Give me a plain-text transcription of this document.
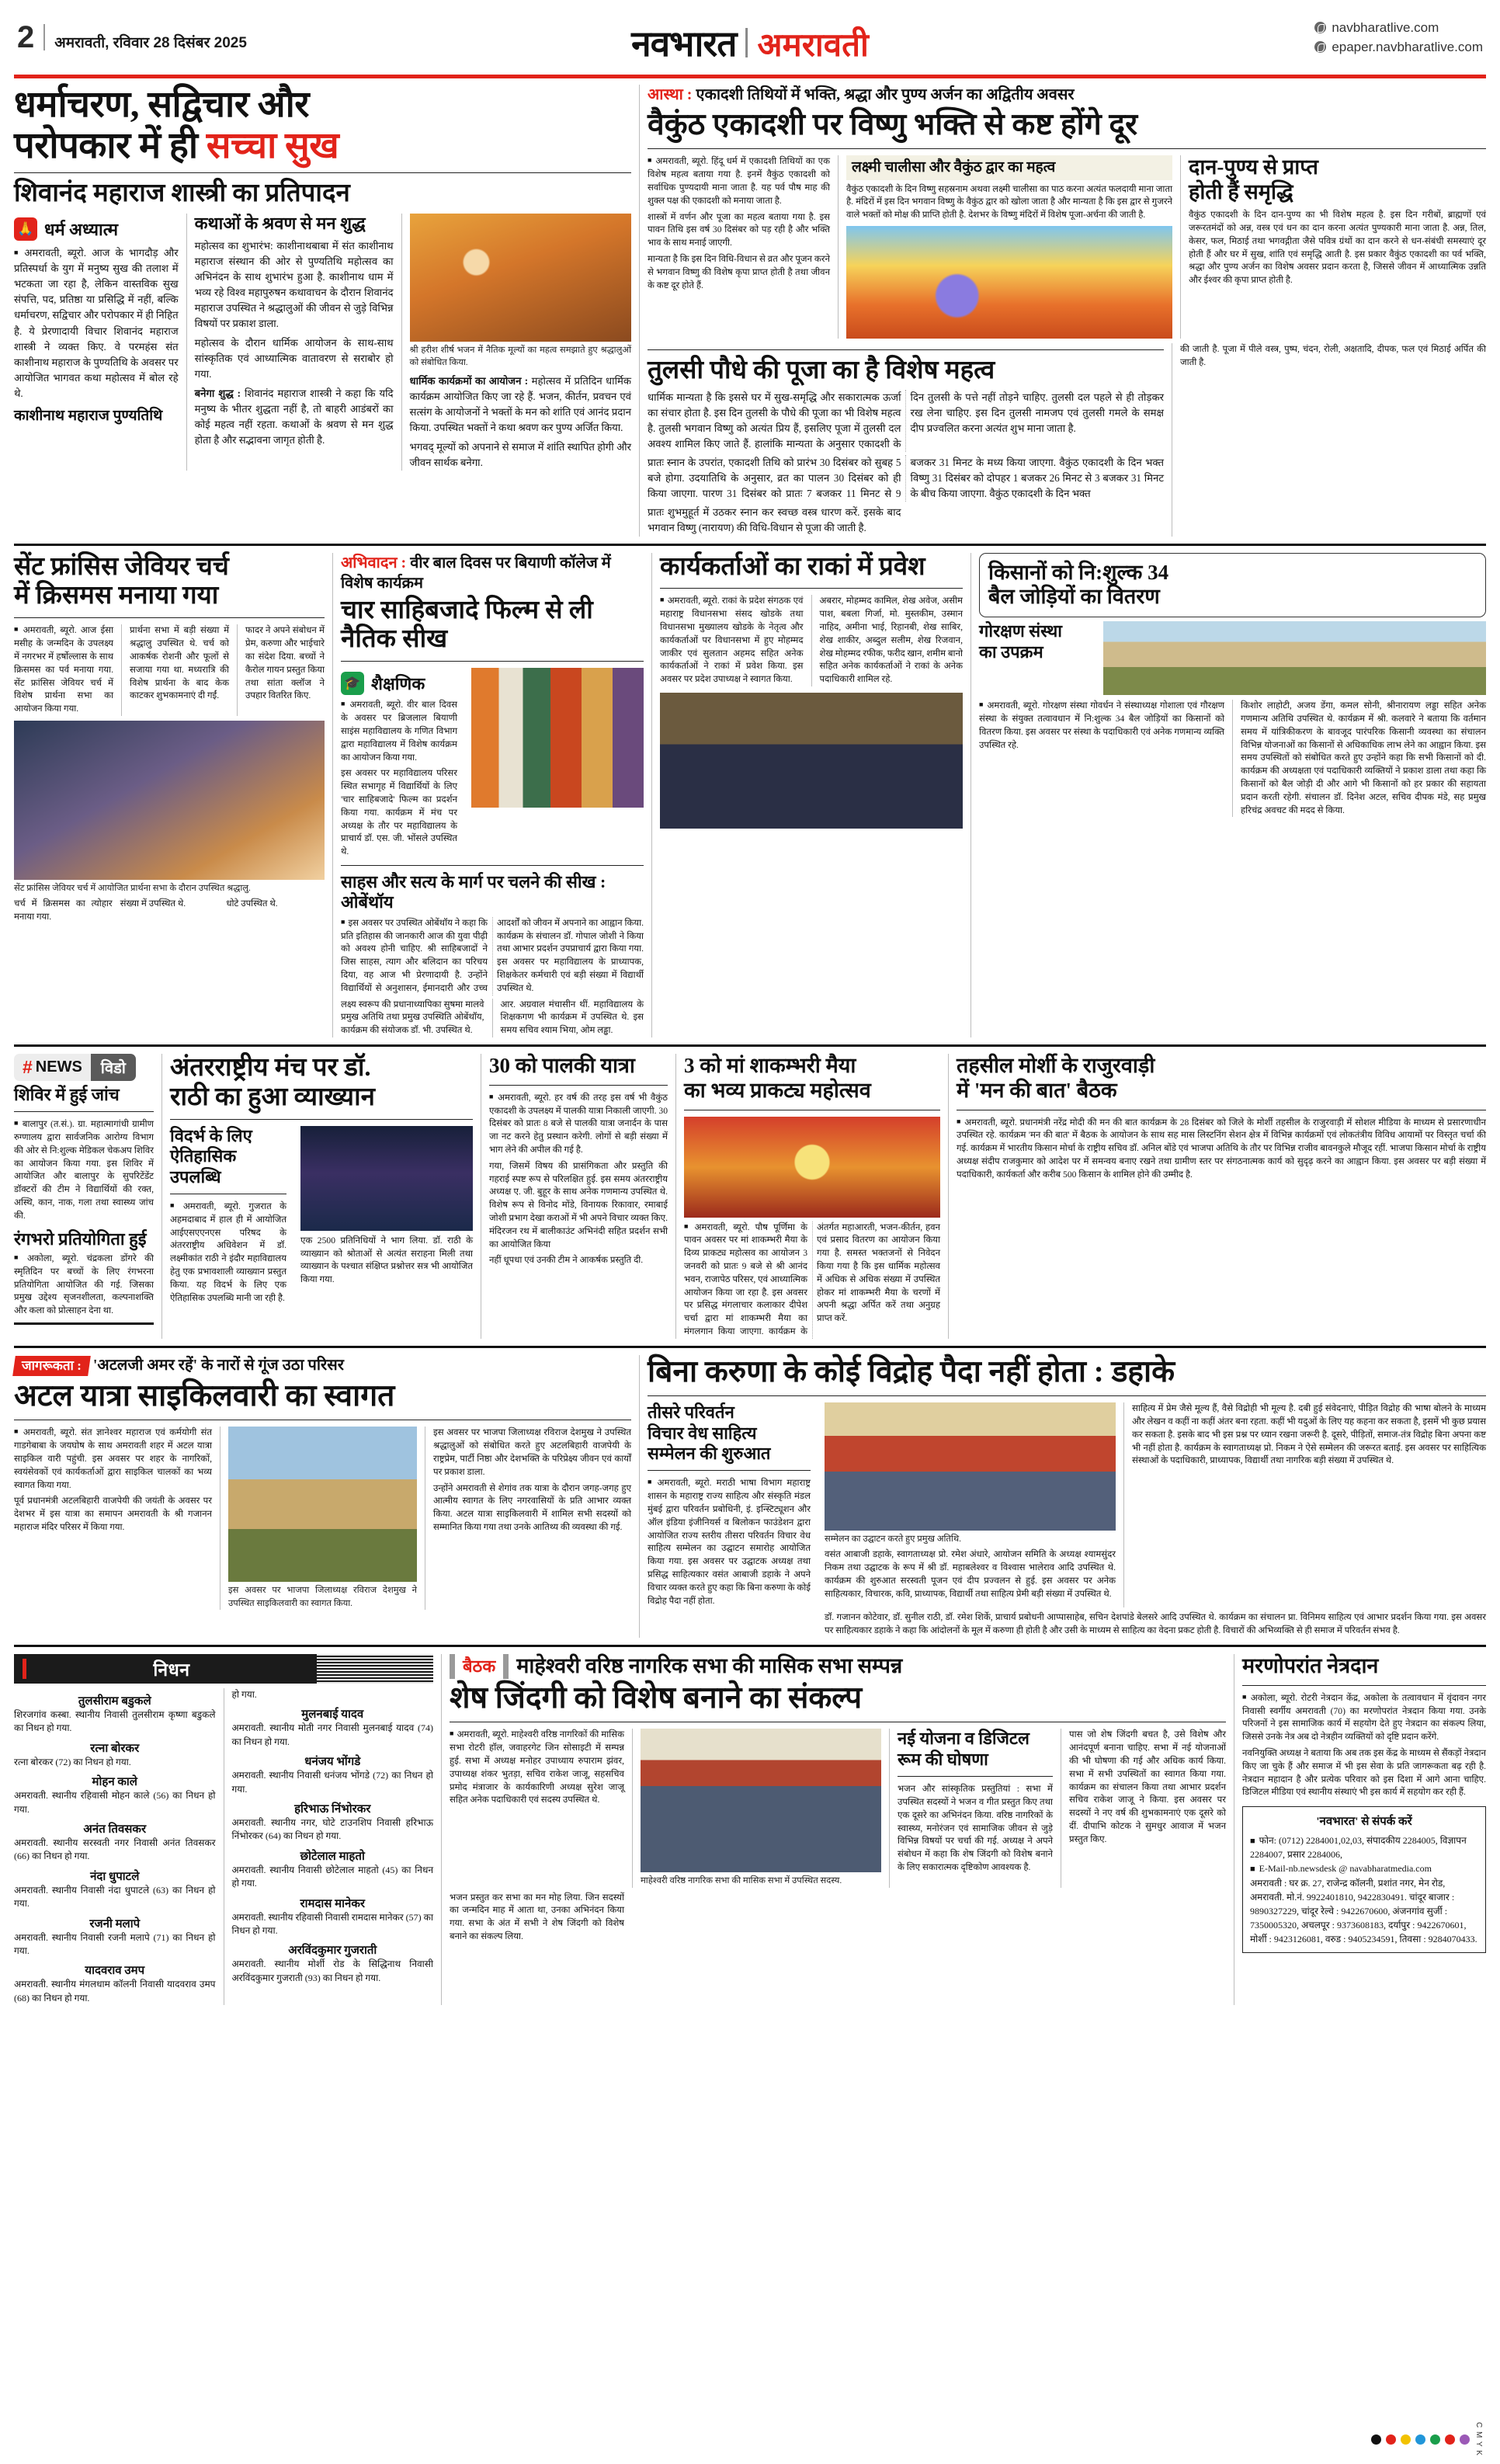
2 अमरावती, रविवार 28 दिसंबर 2025	नवभारत अमरावती	navbharatlive.com
epaper.navbharatlive.com
धर्माचरण, सद्विचार और
परोपकार में ही सच्चा सुख
शिवानंद महाराज शास्त्री का प्रतिपादन
🙏 धर्म अध्यात्म
■ अमरावती, ब्यूरो. आज के भागदौड़ और प्रतिस्पर्धा के युग में मनुष्य सुख की तलाश में भटकता जा रहा है, लेकिन वास्तविक सुख संपत्ति, पद, प्रतिष्ठा या प्रसिद्धि में नहीं, बल्कि धर्माचरण, सद्विचार और परोपकार में ही निहित है. ये प्रेरणादायी विचार शिवानंद महाराज शास्त्री ने व्यक्त किए. वे परमहंस संत काशीनाथ महाराज के पुण्यतिथि के अवसर पर आयोजित भागवत कथा महोत्सव में बोल रहे थे.
काशीनाथ महाराज पुण्यतिथि
कथाओं के श्रवण से मन शुद्ध
महोत्सव का शुभारंभ: काशीनाथबाबा में संत काशीनाथ महाराज संस्थान की ओर से पुण्यतिथि महोत्सव का अभिनंदन के साथ शुभारंभ हुआ है. काशीनाथ धाम में भव्य रहे विश्व महापुरुषन कथावाचन के दौरान शिवानंद महाराज उपस्थित ने श्रद्धालुओं की जीवन से जुड़े विभिन्न विषयों पर प्रकाश डाला.
महोत्सव के दौरान धार्मिक आयोजन के साथ-साथ सांस्कृतिक एवं आध्यात्मिक वातावरण से सराबोर हो गया.
बनेगा शुद्ध : शिवानंद महाराज शास्त्री ने कहा कि यदि मनुष्य के भीतर शुद्धता नहीं है, तो बाहरी आडंबरों का कोई महत्व नहीं रहता. कथाओं के श्रवण से मन शुद्ध होता है और सद्भावना जागृत होती है.
श्री हरीश शीर्ष भजन में नैतिक मूल्यों का महत्व समझाते हुए श्रद्धालुओं को संबोधित किया.
धार्मिक कार्यक्रमों का आयोजन : महोत्सव में प्रतिदिन धार्मिक कार्यक्रम आयोजित किए जा रहे हैं. भजन, कीर्तन, प्रवचन एवं सत्संग के आयोजनों ने भक्तों के मन को शांति एवं आनंद प्रदान किया. उपस्थित भक्तों ने कथा श्रवण कर पुण्य अर्जित किया.
भगवद् मूल्यों को अपनाने से समाज में शांति स्थापित होगी और जीवन सार्थक बनेगा.
आस्था : एकादशी तिथियों में भक्ति, श्रद्धा और पुण्य अर्जन का अद्वितीय अवसर
वैकुंठ एकादशी पर विष्णु भक्ति से कष्ट होंगे दूर
■ अमरावती, ब्यूरो. हिंदू धर्म में एकादशी तिथियों का एक विशेष महत्व बताया गया है. इनमें वैकुंठ एकादशी को सर्वाधिक पुण्यदायी माना जाता है. यह पर्व पौष माह की शुक्ल पक्ष की एकादशी को मनाया जाता है.
शास्त्रों में वर्णन और पूजा का महत्व बताया गया है. इस पावन तिथि इस वर्ष 30 दिसंबर को पड़ रही है और भक्ति भाव के साथ मनाई जाएगी.
मान्यता है कि इस दिन विधि-विधान से व्रत और पूजन करने से भगवान विष्णु की विशेष कृपा प्राप्त होती है तथा जीवन के कष्ट दूर होते हैं.
लक्ष्मी चालीसा और वैकुंठ द्वार का महत्व
वैकुंठ एकादशी के दिन विष्णु सहस्रनाम अथवा लक्ष्मी चालीसा का पाठ करना अत्यंत फलदायी माना जाता है. मंदिरों में इस दिन भगवान विष्णु के वैकुंठ द्वार को खोला जाता है और मान्यता है कि इस द्वार से गुजरने वाले भक्तों को मोक्ष की प्राप्ति होती है. देशभर के विष्णु मंदिरों में विशेष पूजा-अर्चना की जाती है.
दान-पुण्य से प्राप्त
होती हैं समृद्धि
वैकुंठ एकादशी के दिन दान-पुण्य का भी विशेष महत्व है. इस दिन गरीबों, ब्राह्मणों एवं जरूरतमंदों को अन्न, वस्त्र एवं धन का दान करना अत्यंत पुण्यकारी माना जाता है. अन्न, तिल, केसर, फल, मिठाई तथा भगवद्गीता जैसे पवित्र ग्रंथों का दान करने से धन-संबंधी समस्याएं दूर होती हैं और घर में सुख, शांति एवं समृद्धि आती है. इस प्रकार वैकुंठ एकादशी का पर्व भक्ति, श्रद्धा और पुण्य अर्जन का विशेष अवसर प्रदान करता है, जिससे जीवन में आध्यात्मिक उन्नति और ईश्वर की कृपा प्राप्त होती है.
तुलसी पौधे की पूजा का है विशेष महत्व
धार्मिक मान्यता है कि इससे घर में सुख-समृद्धि और सकारात्मक ऊर्जा का संचार होता है. इस दिन तुलसी के पौधे की पूजा का भी विशेष महत्व है. तुलसी भगवान विष्णु को अत्यंत प्रिय हैं, इसलिए पूजा में तुलसी दल अवश्य शामिल किए जाते हैं. हालांकि मान्यता के अनुसार एकादशी के दिन तुलसी के पत्ते नहीं तोड़ने चाहिए. तुलसी दल पहले से ही तोड़कर रख लेना चाहिए. इस दिन तुलसी नामजप एवं तुलसी गमले के समक्ष दीप प्रज्वलित करना अत्यंत शुभ माना जाता है.
प्रातः स्नान के उपरांत, एकादशी तिथि को प्रारंभ 30 दिसंबर को सुबह 5 बजे होगा. उदयातिथि के अनुसार, व्रत का पालन 30 दिसंबर को ही किया जाएगा. पारण 31 दिसंबर को प्रातः 7 बजकर 11 मिनट से 9 बजकर 31 मिनट के मध्य किया जाएगा. वैकुंठ एकादशी के दिन भक्त विष्णु 31 दिसंबर को दोपहर 1 बजकर 26 मिनट से 3 बजकर 31 मिनट के बीच किया जाएगा. वैकुंठ एकादशी के दिन भक्त
प्रातः शुभमुहूर्त में उठकर स्नान कर स्वच्छ वस्त्र धारण करें. इसके बाद भगवान विष्णु (नारायण) की विधि-विधान से पूजा की जाती है.
की जाती है. पूजा में पीले वस्त्र, पुष्प, चंदन, रोली, अक्षतादि, दीपक, फल एवं मिठाई अर्पित की जाती है.
सेंट फ्रांसिस जेवियर चर्च
में क्रिसमस मनाया गया
■ अमरावती, ब्यूरो. आज ईसा मसीह के जन्मदिन के उपलक्ष्य में नगरभर में हर्षोल्लास के साथ क्रिसमस का पर्व मनाया गया. सेंट फ्रांसिस जेवियर चर्च में विशेष प्रार्थना सभा का आयोजन किया गया.
प्रार्थना सभा में बड़ी संख्या में श्रद्धालु उपस्थित थे. चर्च को आकर्षक रोशनी और फूलों से सजाया गया था. मध्यरात्रि की विशेष प्रार्थना के बाद केक काटकर शुभकामनाएं दी गईं.
फादर ने अपने संबोधन में प्रेम, करुणा और भाईचारे का संदेश दिया. बच्चों ने कैरोल गायन प्रस्तुत किया तथा सांता क्लॉज ने उपहार वितरित किए.
सेंट फ्रांसिस जेवियर चर्च में आयोजित प्रार्थना सभा के दौरान उपस्थित श्रद्धालु.
चर्च में क्रिसमस का त्योहार मनाया गया.
संख्या में उपस्थित थे.	धोटे उपस्थित थे.
अभिवादन : वीर बाल दिवस पर बियाणी कॉलेज में विशेष कार्यक्रम
चार साहिबजादे फिल्म से ली नैतिक सीख
🎓 शैक्षणिक
■ अमरावती, ब्यूरो. वीर बाल दिवस के अवसर पर ब्रिजलाल बियाणी साइंस महाविद्यालय के गणित विभाग द्वारा महाविद्यालय में विशेष कार्यक्रम का आयोजन किया गया.
इस अवसर पर महाविद्यालय परिसर स्थित सभागृह में विद्यार्थियों के लिए 'चार साहिबजादे' फिल्म का प्रदर्शन किया गया. कार्यक्रम में मंच पर अध्यक्ष के तौर पर महाविद्यालय के प्राचार्य डॉ. एस. जी. भोंसले उपस्थित थे.
साहस और सत्य के मार्ग पर चलने की सीख : ओबेंथॉय
■ इस अवसर पर उपस्थित ओबेंथॉय ने कहा कि प्रति इतिहास की जानकारी आज की युवा पीढ़ी को अवश्य होनी चाहिए. श्री साहिबजादों ने जिस साहस, त्याग और बलिदान का परिचय दिया, वह आज भी प्रेरणादायी है. उन्होंने विद्यार्थियों से अनुशासन, ईमानदारी और उच्च आदर्शों को जीवन में अपनाने का आह्वान किया. कार्यक्रम के संचालन डॉ. गोपाल जोशी ने किया तथा आभार प्रदर्शन उपप्राचार्य द्वारा किया गया. इस अवसर पर महाविद्यालय के प्राध्यापक, शिक्षकेतर कर्मचारी एवं बड़ी संख्या में विद्यार्थी उपस्थित थे.
लक्ष्य स्वरूप की प्रधानाध्यापिका सुषमा मालवे प्रमुख अतिथि तथा प्रमुख उपस्थिति ओबेंथॉय, कार्यक्रम की संयोजक डॉ. भी. उपस्थित थे.
आर. अग्रवाल मंचासीन थीं. महाविद्यालय के शिक्षकगण भी कार्यक्रम में उपस्थित थे. इस समय सचिव श्याम भिया, ओम लड्ढा.
कार्यकर्ताओं का राकां में प्रवेश
■ अमरावती, ब्यूरो. राकां के प्रदेश संगठक एवं महाराष्ट्र विधानसभा संसद खोडके तथा विधानसभा मुख्यालय खोडके के नेतृत्व और कार्यकर्ताओं पर विधानसभा में हुए मोहम्मद जाकीर एवं सुलतान अहमद सहित अनेक कार्यकर्ताओं ने राकां में प्रवेश किया. इस अवसर पर प्रदेश उपाध्यक्ष ने स्वागत किया.
अबरार, मोहम्मद कामिल, शेख अवेज, असीम पाश, बबला गिर्जा, मो. मुस्तकीम, उस्मान नाहिद, अमीना भाई, रिहानबी, शेख साबिर, शेख शाकीर, अब्दुल सलीम, शेख रिजवान, शेख मोहम्मद रफीक, फरीद खान, शमीम बानो सहित अनेक कार्यकर्ताओं ने राकां के अनेक पदाधिकारी शामिल रहे.
किसानों को नि:शुल्क 34
बैल जोड़ियों का वितरण
गोरक्षण संस्था
का उपक्रम
■ अमरावती, ब्यूरो. गोरक्षण संस्था गोवर्धन ने संस्थाध्यक्ष गोशाला एवं गौरक्षण संस्था के संयुक्त तत्वावधान में नि:शुल्क 34 बैल जोड़ियों का किसानों को वितरण किया. इस अवसर पर संस्था के पदाधिकारी एवं अनेक गणमान्य व्यक्ति उपस्थित रहे.
किशोर लाहोटी, अजय डेंगा, कमल सोनी, श्रीनारायण लड्डा सहित अनेक गणमान्य अतिथि उपस्थित थे. कार्यक्रम में श्री. कलवारे ने बताया कि वर्तमान समय में यांत्रिकीकरण के बावजूद पारंपरिक किसानी व्यवस्था का संचालन विभिन्न योजनाओं का किसानों से अधिकाधिक लाभ लेने का आह्वान किया. इस समय उपस्थितों को संबोधित करते हुए उन्होंने कहा कि सभी किसानों को दी. कार्यक्रम की अध्यक्षता एवं पदाधिकारी व्यक्तियों ने प्रकाश डाला तथा कहा कि किसानों को बैल जोड़ी दी और आगे भी किसानों को हर प्रकार की सहायता प्रदान करती रहेगी. संचालन डॉ. दिनेश अटल, सचिव दीपक मंडे, सह प्रमुख हरिचंद्र अवचट की मदद से किया.
# NEWS	विडो
शिविर में हुई जांच
■ बालापुर (त.सं.). ग्रा. महात्मागांधी ग्रामीण रुग्णालय द्वारा सार्वजनिक आरोग्य विभाग की ओर से नि:शुल्क मेडिकल चेकअप शिविर का आयोजन किया गया. इस शिविर में आयोजित और बालापुर के सुपरिटेंडेंट डॉक्टरों की टीम ने विद्यार्थियों की रक्त, अस्थि, कान, नाक, गला तथा स्वास्थ्य जांच की.
रंगभरो प्रतियोगिता हुई
■ अकोला, ब्यूरो. चंद्रकला डोंगरे की स्मृतिदिन पर बच्चों के लिए रंगभरना प्रतियोगिता आयोजित की गई. जिसका प्रमुख उद्देश्य सृजनशीलता, कल्पनाशक्ति और कला को प्रोत्साहन देना था.
अंतरराष्ट्रीय मंच पर डॉ.
राठी का हुआ व्याख्यान
विदर्भ के लिए
ऐतिहासिक उपलब्धि
■ अमरावती, ब्यूरो. गुजरात के अहमदाबाद में हाल ही में आयोजित आईएसएएनएस परिषद के अंतरराष्ट्रीय अधिवेशन में डॉ. लक्ष्मीकांत राठी ने इंदौर महाविद्यालय हेतु एक प्रभावशाली व्याख्यान प्रस्तुत किया. यह विदर्भ के लिए एक ऐतिहासिक उपलब्धि मानी जा रही है.
एक 2500 प्रतिनिधियों ने भाग लिया. डॉ. राठी के व्याख्यान को श्रोताओं से अत्यंत सराहना मिली तथा व्याख्यान के पश्चात संक्षिप्त प्रश्नोत्तर सत्र भी आयोजित किया गया.
30 को पालकी यात्रा
■ अमरावती, ब्यूरो. हर वर्ष की तरह इस वर्ष भी वैकुंठ एकादशी के उपलक्ष्य में पालकी यात्रा निकाली जाएगी. 30 दिसंबर को प्रातः 8 बजे से पालकी यात्रा जनार्दन के पास जा नट करने हेतु प्रस्थान करेगी. लोगों से बड़ी संख्या में भाग लेने की अपील की गई है.
गया, जिसमें विषय की प्रासंगिकता और प्रस्तुति की गहराई स्पष्ट रूप से परिलक्षित हुई. इस समय अंतरराष्ट्रीय अध्यक्ष ए. जी. बुहूर के साथ अनेक गणमान्य उपस्थित थे. विशेष रूप से विनोद मोंडे, विनायक रिकावार, रमाबाई जोशी प्रभाग देखा कराओं में भी अपने विचार व्यक्त किए. मंदिरजन रथ में बालीकाउंट अभिनंदी सहित प्रदर्शन सभी का आयोजित किया
नहीं धूपधा एवं उनकी टीम ने आकर्षक प्रस्तुति दी.
3 को मां शाकम्भरी मैया
का भव्य प्राकट्य महोत्सव
■ अमरावती, ब्यूरो. पौष पूर्णिमा के पावन अवसर पर मां शाकम्भरी मैया के दिव्य प्राकट्य महोत्सव का आयोजन 3 जनवरी को प्रातः 9 बजे से श्री आनंद भवन, राजापेठ परिसर, एवं आध्यात्मिक आयोजन किया जा रहा है. इस अवसर पर प्रसिद्ध मंगलाचार कलाकार दीपेश चर्चा द्वारा मां शाकम्भरी मैया का मंगलगान किया जाएगा. कार्यक्रम के अंतर्गत महाआरती, भजन-कीर्तन, हवन एवं प्रसाद वितरण का आयोजन किया गया है. समस्त भक्तजनों से निवेदन किया गया है कि इस धार्मिक महोत्सव में अधिक से अधिक संख्या में उपस्थित होकर मां शाकम्भरी मैया के चरणों में अपनी श्रद्धा अर्पित करें तथा अनुग्रह प्राप्त करें.
तहसील मोर्शी के राजुरवाड़ी
में 'मन की बात' बैठक
■ अमरावती, ब्यूरो. प्रधानमंत्री नरेंद्र मोदी की मन की बात कार्यक्रम के 28 दिसंबर को जिले के मोर्शी तहसील के राजुरवाड़ी में सोशल मीडिया के माध्यम से प्रसारणाधीन उपस्थित रहे. कार्यक्रम 'मन की बात' में बैठक के आयोजन के साथ सह मास लिस्टनिंग सेशन क्षेत्र में विभिन्न कार्यक्रमों एवं लोकतंत्रीय विविध आयामों पर विस्तृत चर्चा की गई. कार्यक्रम में भारतीय किसान मोर्चा के राष्ट्रीय सचिव डॉ. अनिल बोंडे एवं भाजपा अतिथि के तौर पर विभिन्न राजीव बावनकुले मौजूद रहीं. भाजपा किसान मोर्चा के राष्ट्रीय अध्यक्ष संदीप राजकुमार को आदेश पर में समन्वय बनाए रखने तथा ग्रामीण स्तर पर संगठनात्मक कार्य को सुदृढ़ करने का आह्वान किया. इस अवसर पर बड़ी संख्या में पदाधिकारी, कार्यकर्ता और करीब 500 किसान के शामिल होने की उम्मीद है.
जागरूकता : 'अटलजी अमर रहें' के नारों से गूंज उठा परिसर
अटल यात्रा साइकिलवारी का स्वागत
■ अमरावती, ब्यूरो. संत ज्ञानेश्वर महाराज एवं कर्मयोगी संत गाडगेबाबा के जयघोष के साथ अमरावती शहर में अटल यात्रा साइकिल वारी पहुंची. इस अवसर पर शहर के नागरिकों, स्वयंसेवकों एवं कार्यकर्ताओं द्वारा साइकिल चालकों का भव्य स्वागत किया गया.
पूर्व प्रधानमंत्री अटलबिहारी वाजपेयी की जयंती के अवसर पर देशभर में इस यात्रा का समापन अमरावती के श्री गजानन महाराज मंदिर परिसर में किया गया.
इस अवसर पर भाजपा जिलाध्यक्ष रविराज देशमुख ने उपस्थित साइकिलवारी का स्वागत किया.
इस अवसर पर भाजपा जिलाध्यक्ष रविराज देशमुख ने उपस्थित श्रद्धालुओं को संबोधित करते हुए अटलबिहारी वाजपेयी के राष्ट्रप्रेम, पार्टी निष्ठा और देशभक्ति के परिप्रेक्ष्य जीवन एवं कार्यों पर प्रकाश डाला.
उन्होंने अमरावती से शेगांव तक यात्रा के दौरान जगह-जगह हुए आत्मीय स्वागत के लिए नगरवासियों के प्रति आभार व्यक्त किया. अटल यात्रा साइकिलवारी में शामिल सभी सदस्यों को सम्मानित किया गया तथा उनके आतिथ्य की व्यवस्था की गई.
बिना करुणा के कोई विद्रोह पैदा नहीं होता : डहाके
तीसरे परिवर्तन
विचार वेध साहित्य
सम्मेलन की शुरुआत
■ अमरावती, ब्यूरो. मराठी भाषा विभाग महाराष्ट्र शासन के महाराष्ट्र राज्य साहित्य और संस्कृति मंडल मुंबई द्वारा परिवर्तन प्रबोधिनी, इं. इन्स्टिट्यूशन और ऑल इंडिया इंजीनियर्स व बिलोकन फाउंडेशन द्वारा आयोजित राज्य स्तरीय तीसरा परिवर्तन विचार वेध साहित्य सम्मेलन का उद्घाटन समारोह आयोजित किया गया. इस अवसर पर उद्घाटक अध्यक्ष तथा प्रसिद्ध साहित्यकार वसंत आबाजी डहाके ने अपने विचार व्यक्त करते हुए कहा कि बिना करुणा के कोई विद्रोह पैदा नहीं होता.
सम्मेलन का उद्घाटन करते हुए प्रमुख अतिथि.
वसंत आबाजी डहाके, स्वागताध्यक्ष प्रो. रमेश अंधारे, आयोजन समिति के अध्यक्ष श्यामसुंदर निकम तथा उद्घाटक के रूप में श्री डॉ. महाबलेश्वर व विश्वास भालेराव आदि उपस्थित थे. कार्यक्रम की शुरुआत सरस्वती पूजन एवं दीप प्रज्वलन से हुई. इस अवसर पर अनेक साहित्यकार, विचारक, कवि, प्राध्यापक, विद्यार्थी तथा साहित्य प्रेमी बड़ी संख्या में उपस्थित थे.
साहित्य में प्रेम जैसे मूल्य हैं, वैसे विद्रोही भी मूल्य है. दबी हुई संवेदनाएं, पीड़ित विद्रोह की भाषा बोलने के माध्यम और लेखन व कहीं ना कहीं अंतर बना रहता. कहीं भी यदुओं के लिए यह कहना कर सकता है, इसमें भी कुछ प्रयास कर सकता है. इसके बाद भी इस प्रश्न पर ध्यान रखना जरूरी है. दूसरे, पीड़ितों, समाज-तंत्र विद्रोह बिना अपना कष्ट भी नहीं होता है. कार्यक्रम के स्वागताध्यक्ष प्रो. निकम ने ऐसे सम्मेलन की जरूरत बताई. इस अवसर पर साहित्यिक संस्थाओं के पदाधिकारी, प्राध्यापक, विद्यार्थी तथा नागरिक बड़ी संख्या में उपस्थित थे.
डॉ. गजानन कोटेवार, डॉ. सुनील राठी, डॉ. रमेश शिर्के, प्राचार्य प्रबोधनी आप्पासाहेब, सचिन देशपांडे बेलसरे आदि उपस्थित थे. कार्यक्रम का संचालन प्रा. विनिमय साहित्य एवं आभार प्रदर्शन किया गया. इस अवसर पर साहित्यकार डहाके ने कहा कि आंदोलनों के मूल में करुणा ही होती है और उसी के माध्यम से साहित्य का वेदना प्रकट होती है. विचारों की अभिव्यक्ति से ही समाज में परिवर्तन संभव है.
निधन
तुलसीराम बडुकले
शिरजगांव कस्बा. स्थानीय निवासी तुलसीराम कृष्णा बडुकले का निधन हो गया.
रत्ना बोरकर
रत्ना बोरकर (72) का निधन हो गया.
मोहन काले
अमरावती. स्थानीय रहिवासी मोहन काले (56) का निधन हो गया.
अनंत तिवसकर
अमरावती. स्थानीय सरस्वती नगर निवासी अनंत तिवसकर (66) का निधन हो गया.
नंदा धुपाटले
अमरावती. स्थानीय निवासी नंदा धुपाटले (63) का निधन हो गया.
रजनी मलापे
अमरावती. स्थानीय निवासी रजनी मलापे (71) का निधन हो गया.
यादवराव उमप
अमरावती. स्थानीय मंगलधाम कॉलनी निवासी यादवराव उमप (68) का निधन हो गया.
हो गया.
मुलनबाई यादव
अमरावती. स्थानीय मोती नगर निवासी मुलनबाई यादव (74) का निधन हो गया.
धनंजय भोंगडे
अमरावती. स्थानीय निवासी धनंजय भोंगडे (72) का निधन हो गया.
हरिभाऊ निंभोरकर
अमरावती. स्थानीय नगर, घोटे टाउनशिप निवासी हरिभाऊ निंभोरकर (64) का निधन हो गया.
छोटेलाल माहतो
अमरावती. स्थानीय निवासी छोटेलाल माहतो (45) का निधन हो गया.
रामदास मानेकर
अमरावती. स्थानीय रहिवासी निवासी रामदास मानेकर (57) का निधन हो गया.
अरविंदकुमार गुजराती
अमरावती. स्थानीय मोर्शी रोड के सिद्धिनाथ निवासी अरविंदकुमार गुजराती (93) का निधन हो गया.
बैठक माहेश्वरी वरिष्ठ नागरिक सभा की मासिक सभा सम्पन्न
शेष जिंदगी को विशेष बनाने का संकल्प
■ अमरावती, ब्यूरो. माहेश्वरी वरिष्ठ नागरिकों की मासिक सभा रोटरी हॉल, जवाहरगेट जिन सोसाइटी में सम्पन्न हुई. सभा में अध्यक्ष मनोहर उपाध्याय रुपाराम झंवर, उपाध्यक्ष शंकर भुतड़ा, सचिव राकेश जाजू, सहसचिव प्रमोद मंत्राजार के कार्यकारिणी अध्यक्ष सुरेश जाजू सहित अनेक पदाधिकारी एवं सदस्य उपस्थित थे.
माहेश्वरी वरिष्ठ नागरिक सभा की मासिक सभा में उपस्थित सदस्य.
नई योजना व डिजिटल
रूम की घोषणा
भजन और सांस्कृतिक प्रस्तुतियां : सभा में उपस्थित सदस्यों ने भजन व गीत प्रस्तुत किए तथा एक दूसरे का अभिनंदन किया. वरिष्ठ नागरिकों के स्वास्थ्य, मनोरंजन एवं सामाजिक जीवन से जुड़े विभिन्न विषयों पर चर्चा की गई. अध्यक्ष ने अपने संबोधन में कहा कि शेष जिंदगी को विशेष बनाने के लिए सकारात्मक दृष्टिकोण आवश्यक है.
पास जो शेष जिंदगी बचत है, उसे विशेष और आनंदपूर्ण बनाना चाहिए. सभा में नई योजनाओं की भी घोषणा की गई और अधिक कार्य किया. सभा में सभी उपस्थितों का स्वागत किया गया. कार्यक्रम का संचालन किया तथा आभार प्रदर्शन सचिव राकेश जाजू ने किया. इस अवसर पर सदस्यों ने नए वर्ष की शुभकामनाएं एक दूसरे को दीं. दीपाभि कोटक ने सुमधुर आवाज में भजन प्रस्तुत किए.
भजन प्रस्तुत कर सभा का मन मोह लिया. जिन सदस्यों का जन्मदिन माह में आता था, उनका अभिनंदन किया गया. सभा के अंत में सभी ने शेष जिंदगी को विशेष बनाने का संकल्प लिया.
मरणोपरांत नेत्रदान
■ अकोला, ब्यूरो. रोटरी नेत्रदान केंद्र, अकोला के तत्वावधान में वृंदावन नगर निवासी स्वर्गीय अमरावती (70) का मरणोपरांत नेत्रदान किया गया. उनके परिजनों ने इस सामाजिक कार्य में सहयोग देते हुए नेत्रदान का संकल्प लिया, जिससे उनके नेत्र अब दो नेत्रहीन व्यक्तियों को दृष्टि प्रदान करेंगे.
नवनियुक्ति अध्यक्ष ने बताया कि अब तक इस केंद्र के माध्यम से सैंकड़ों नेत्रदान किए जा चुके हैं और समाज में भी इस सेवा के प्रति जागरूकता बढ़ रही है. नेत्रदान महादान है और प्रत्येक परिवार को इस दिशा में आगे आना चाहिए. डिजिटल मीडिया एवं स्थानीय संस्थाएं भी इस कार्य में सहयोग कर रही हैं.
'नवभारत' से संपर्क करें
■ फोन: (0712) 2284001,02,03, संपादकीय 2284005, विज्ञापन 2284007, प्रसार 2284006,
■ E-Mail-nb.newsdesk @ navabharatmedia.com
अमरावती : घर क्र. 27, राजेन्द्र कॉलनी, प्रशांत नगर, मेन रोड, अमरावती. मो.नं. 9922401810, 9422830491. चांदूर बाजार : 9890327229, चांदूर रेल्वे : 9422670600, अंजनगांव सुर्जी : 7350005320, अचलपूर : 9373608183, दर्यापुर : 9422670601, मोर्शी : 9423126081, वरुड : 9405234591, तिवसा : 9284070433.
C M Y K
